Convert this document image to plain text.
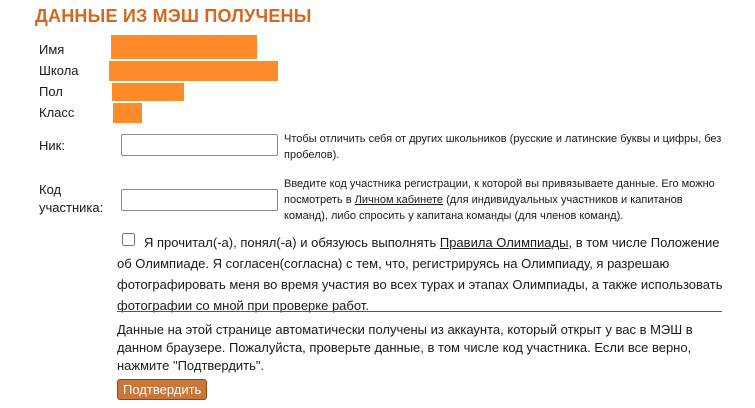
ДАННЫЕ ИЗ МЭШ ПОЛУЧЕНЫ
Имя
Школа
Пол
Класс
Ник:	Чтобы отличить себя от других школьников (русские и латинские буквы и цифры, без пробелов).
Код
участника:
Введите код участника регистрации, к которой вы привязываете данные. Его можно посмотреть в Личном кабинете (для индивидуальных участников и капитанов команд), либо спросить у капитана команды (для членов команд).
Я прочитал(-а), понял(-а) и обязуюсь выполнять Правила Олимпиады, в том числе Положение об Олимпиаде. Я согласен(согласна) с тем, что, регистрируясь на Олимпиаду, я разрешаю фотографировать меня во время участия во всех турах и этапах Олимпиады, а также использовать фотографии со мной при проверке работ.
Данные на этой странице автоматически получены из аккаунта, который открыт у вас в МЭШ в данном браузере. Пожалуйста, проверьте данные, в том числе код участника. Если все верно, нажмите "Подтвердить".
Подтвердить
